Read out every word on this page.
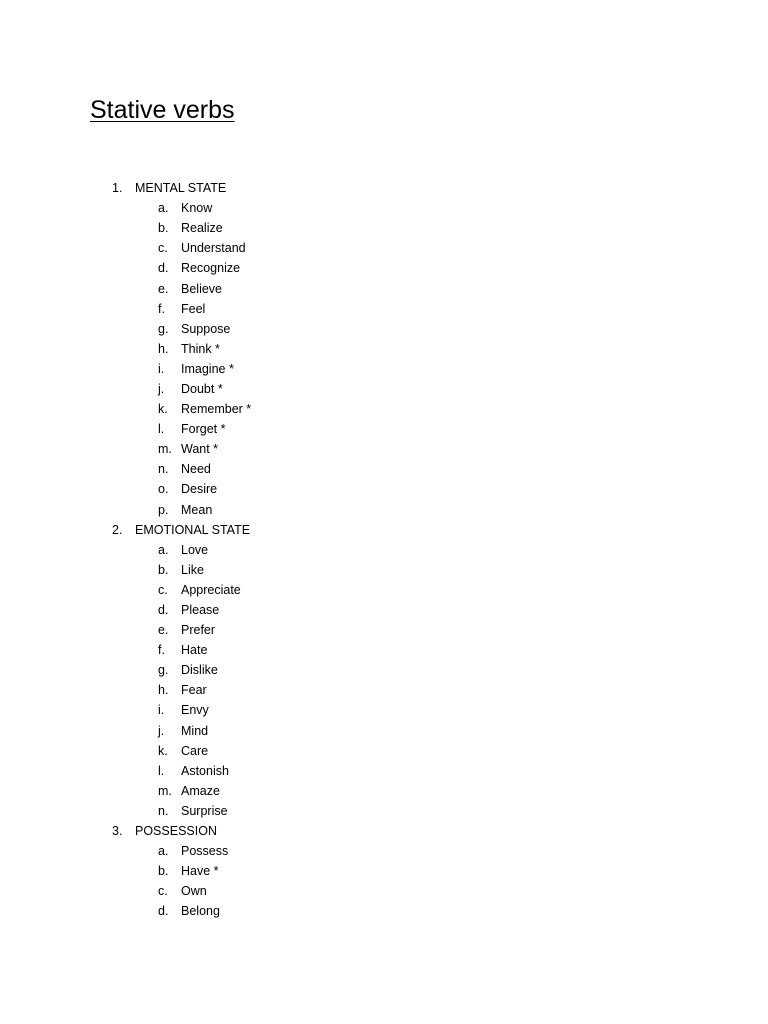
Stative verbs
1.	MENTAL STATE
a.	Know
b.	Realize
c.	Understand
d.	Recognize
e.	Believe
f.	Feel
g.	Suppose
h.	Think *
i.	Imagine *
j.	Doubt *
k.	Remember *
l.	Forget *
m. Want *
n.	Need
o.	Desire
p.	Mean
2.	EMOTIONAL STATE
a.	Love
b.	Like
c.	Appreciate
d.	Please
e.	Prefer
f.	Hate
g.	Dislike
h.	Fear
i.	Envy
j.	Mind
k.	Care
l.	Astonish
m. Amaze
n.	Surprise
3.	POSSESSION
a.	Possess
b.	Have *
c.	Own
d.	Belong
